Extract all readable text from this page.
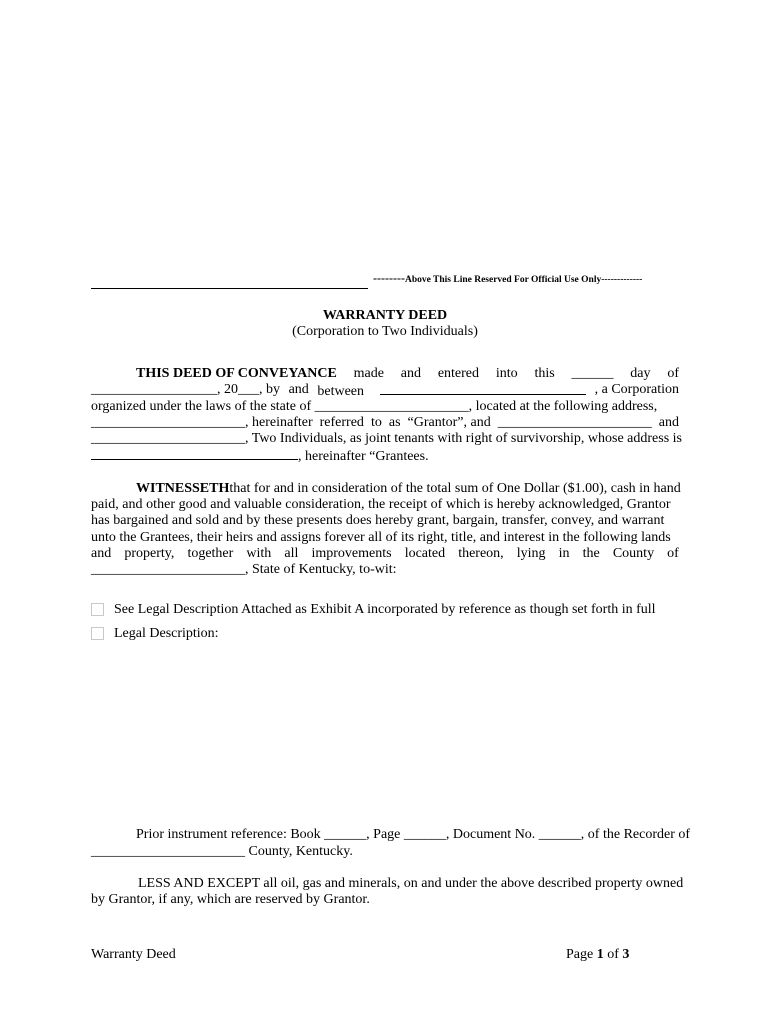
--------Above This Line Reserved For Official Use Only-------------
WARRANTY DEED
(Corporation to Two Individuals)
THIS DEED OF CONVEYANCE made and entered into this ______ day of
__________________, 20___, by and between	, a Corporation
organized under the laws of the state of ______________________, located at the following address,
______________________, hereinafter referred to as “Grantor”, and ______________________ and
______________________, Two Individuals, as joint tenants with right of survivorship, whose address is
, hereinafter “Grantees.
WITNESSETH that for and in consideration of the total sum of One Dollar ($1.00), cash in hand
paid, and other good and valuable consideration, the receipt of which is hereby acknowledged, Grantor
has bargained and sold and by these presents does hereby grant, bargain, transfer, convey, and warrant
unto the Grantees, their heirs and assigns forever all of its right, title, and interest in the following lands
and property, together with all improvements located thereon, lying in the County of
______________________, State of Kentucky, to-wit:
See Legal Description Attached as Exhibit A incorporated by reference as though set forth in full
Legal Description:
Prior instrument reference: Book ______, Page ______, Document No. ______, of the Recorder of
______________________ County, Kentucky.
LESS AND EXCEPT all oil, gas and minerals, on and under the above described property owned
by Grantor, if any, which are reserved by Grantor.
Warranty Deed	Page 1 of 3
